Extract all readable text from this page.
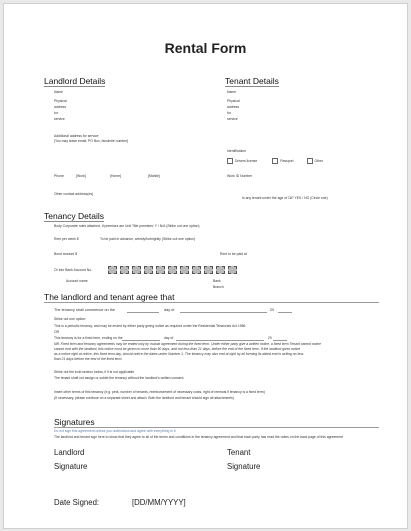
Rental Form
Landlord Details
Name
Physical
address
for
service
Additional address for service
[You may leave email, PO Box, facsimile number]
Phone	[Work]	[Home]	[Mobile]
Other contact address(es)
Tenant Details
Name
Physical
address
for
service
Identification
Drivers license	Passport	Other
Work ID Number
Is any tenant under the age of 18? YES / NO (Circle one)
Tenancy Details
Body Corporate rules attached, if premises are Unit Title premises: Y / N/A (Strike out one option)
Rent per week $	To be paid in advance, weekly/fortnightly (Strike out one option)
Bond amount $	Rent to be paid at
Or into Bank Account No.
Account name	Bank
Branch
The landlord and tenant agree that
The tenancy shall commence on the	day of	20
Strike out one option:
This is a periodic tenancy, and may be ended by either party giving notice as required under the Residential Tenancies Act 1986
OR
This tenancy is for a fixed term, ending on the	day of	20
NB: Fixed term and tenancy agreements may be ended only by mutual agreement during the fixed term. Under either party give a written notice, a fixed term Tenant cannot notice
cannot end with the landlord, this notice must be given no more than 90 days, and not less than 21 days, before the end of the fixed term. If the landlord gives notice
as a notice right at notice, this fixed term day, should notice the dates under Number 1. The tenancy may also end at right by all forming its dated end in writing no less
than 21 days before the end of the fixed term.
Strike out the bold section below, if it is not applicable
The tenant shall not assign or sublet the tenancy without the landlord's written consent.
Insert other terms of this tenancy (e.g. pets, number of tenants, reimbursement of necessary costs, right of renewal if tenancy is a fixed term)
(If necessary, please continue on a separate sheet and attach. Both the landlord and tenant should sign all attachments)
Signatures
Do not sign this agreement unless you understand and agree with everything in it
The landlord and tenant sign here to show that they agree to all of the terms and conditions in the tenancy agreement and that each party has read the notes on the back page of this agreement
Landlord
Signature
Tenant
Signature
Date Signed:	[DD/MM/YYYY]
